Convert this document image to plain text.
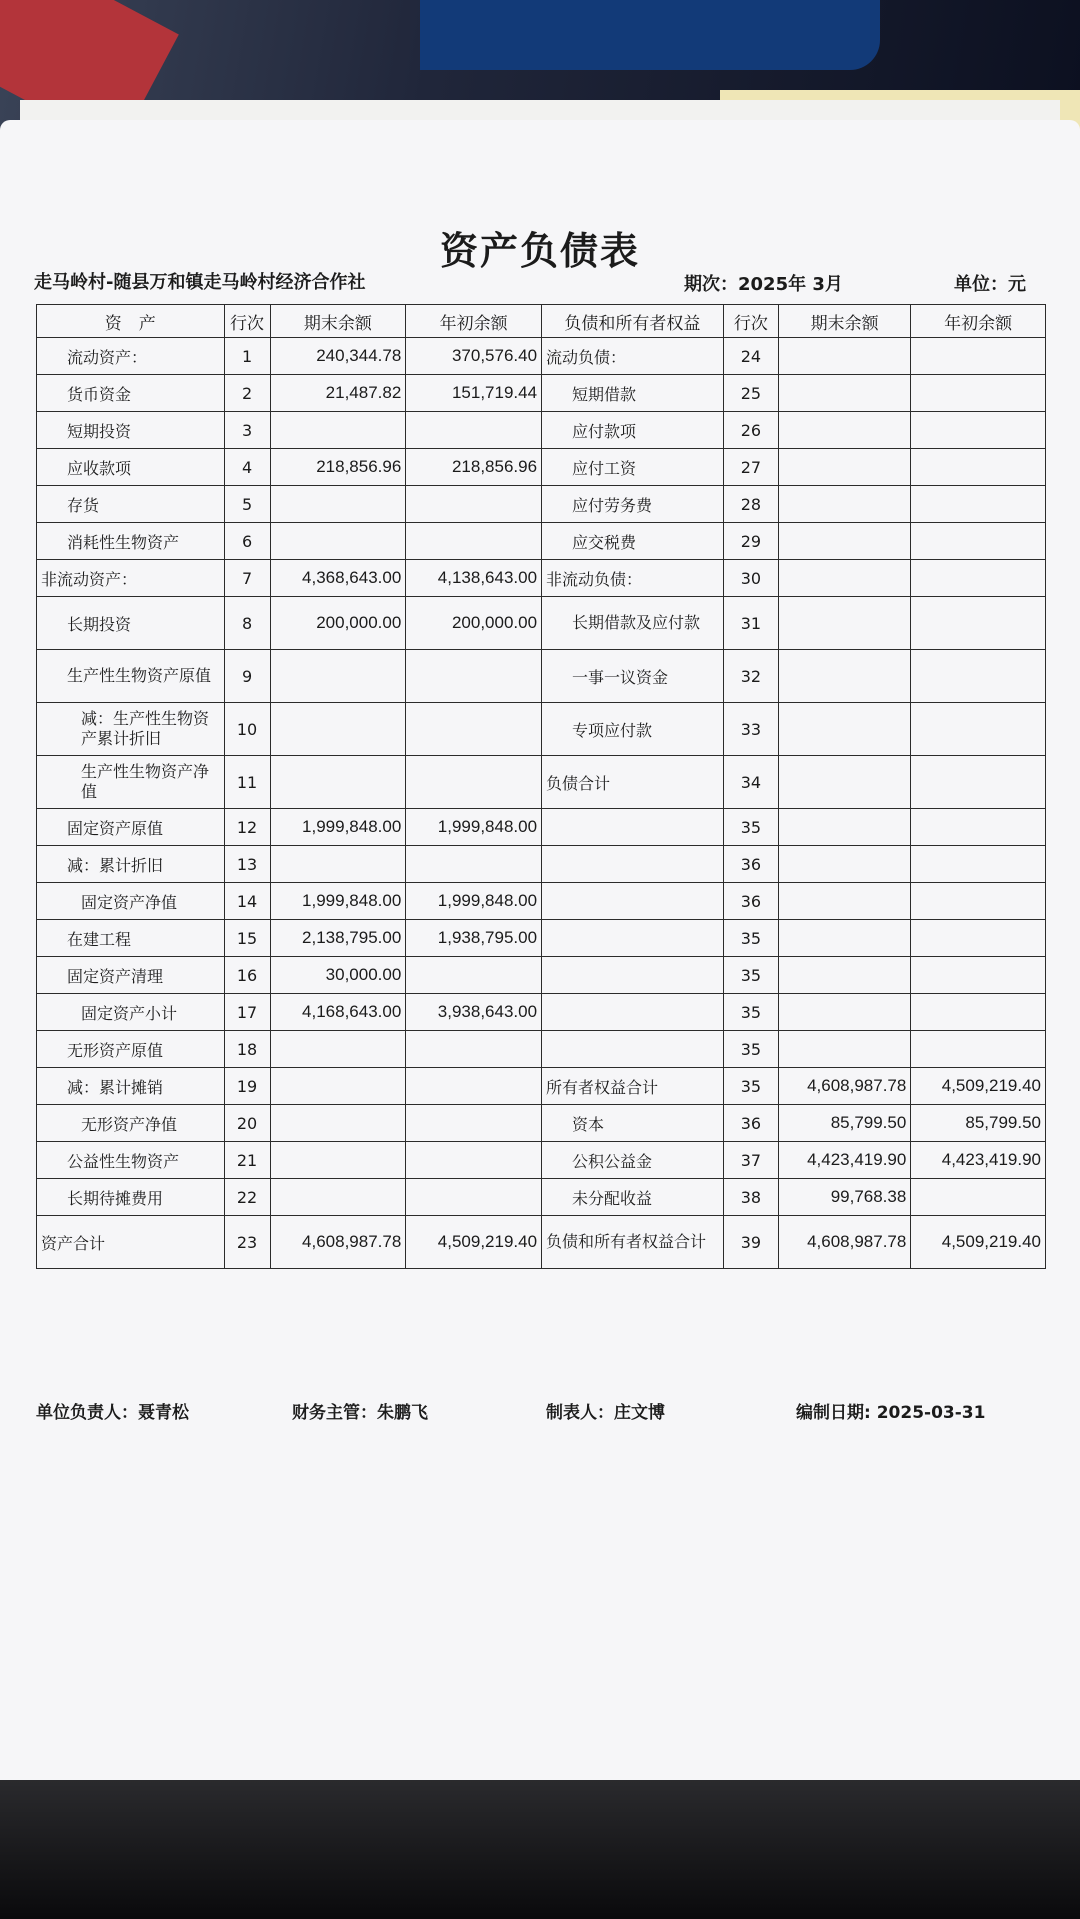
资产负债表
走马岭村-随县万和镇走马岭村经济合作社	期次：2025年 3月	单位：元
资　产	行次	期末余额	年初余额	负债和所有者权益	行次	期末余额	年初余额
流动资产：	1	240,344.78	370,576.40	流动负债：	24		
货币资金	2	21,487.82	151,719.44	短期借款	25		
短期投资	3			应付款项	26		
应收款项	4	218,856.96	218,856.96	应付工资	27		
存货	5			应付劳务费	28		
消耗性生物资产	6			应交税费	29		
非流动资产：	7	4,368,643.00	4,138,643.00	非流动负债：	30		
长期投资	8	200,000.00	200,000.00	长期借款及应付款	31		
生产性生物资产原值	9			一事一议资金	32		
减：生产性生物资产累计折旧	10			专项应付款	33		
生产性生物资产净值	11			负债合计	34		
固定资产原值	12	1,999,848.00	1,999,848.00		35		
减：累计折旧	13				36		
固定资产净值	14	1,999,848.00	1,999,848.00		36		
在建工程	15	2,138,795.00	1,938,795.00		35		
固定资产清理	16	30,000.00			35		
固定资产小计	17	4,168,643.00	3,938,643.00		35		
无形资产原值	18				35		
减：累计摊销	19			所有者权益合计	35	4,608,987.78	4,509,219.40
无形资产净值	20			资本	36	85,799.50	85,799.50
公益性生物资产	21			公积公益金	37	4,423,419.90	4,423,419.90
长期待摊费用	22			未分配收益	38	99,768.38	
资产合计	23	4,608,987.78	4,509,219.40	负债和所有者权益合计	39	4,608,987.78	4,509,219.40
单位负责人：聂青松	财务主管：朱鹏飞	制表人：庄文博	编制日期: 2025-03-31
